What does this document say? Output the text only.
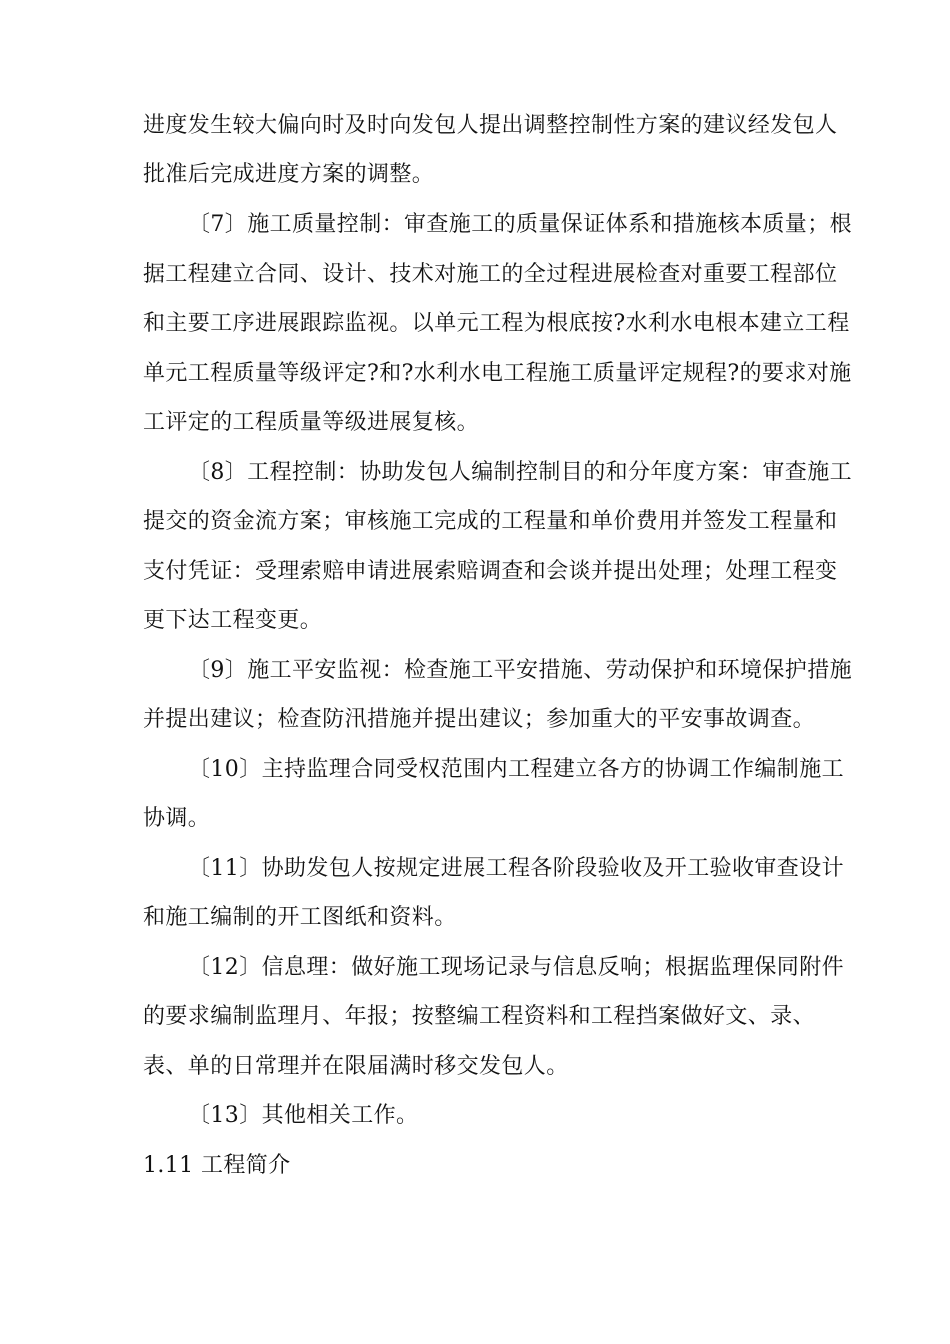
进度发生较大偏向时及时向发包人提出调整控制性方案的建议经发包人
批准后完成进度方案的调整。
〔7〕施工质量控制：审查施工的质量保证体系和措施核本质量；根
据工程建立合同、设计、技术对施工的全过程进展检查对重要工程部位
和主要工序进展跟踪监视。以单元工程为根底按?水利水电根本建立工程
单元工程质量等级评定?和?水利水电工程施工质量评定规程?的要求对施
工评定的工程质量等级进展复核。
〔8〕工程控制：协助发包人编制控制目的和分年度方案：审查施工
提交的资金流方案；审核施工完成的工程量和单价费用并签发工程量和
支付凭证：受理索赔申请进展索赔调查和会谈并提出处理；处理工程变
更下达工程变更。
〔9〕施工平安监视：检查施工平安措施、劳动保护和环境保护措施
并提出建议；检查防汛措施并提出建议；参加重大的平安事故调查。
〔10〕主持监理合同受权范围内工程建立各方的协调工作编制施工
协调。
〔11〕协助发包人按规定进展工程各阶段验收及开工验收审查设计
和施工编制的开工图纸和资料。
〔12〕信息理：做好施工现场记录与信息反响；根据监理保同附件
的要求编制监理月、年报；按整编工程资料和工程挡案做好文、录、
表、单的日常理并在限届满时移交发包人。
〔13〕其他相关工作。
1.11 工程简介
